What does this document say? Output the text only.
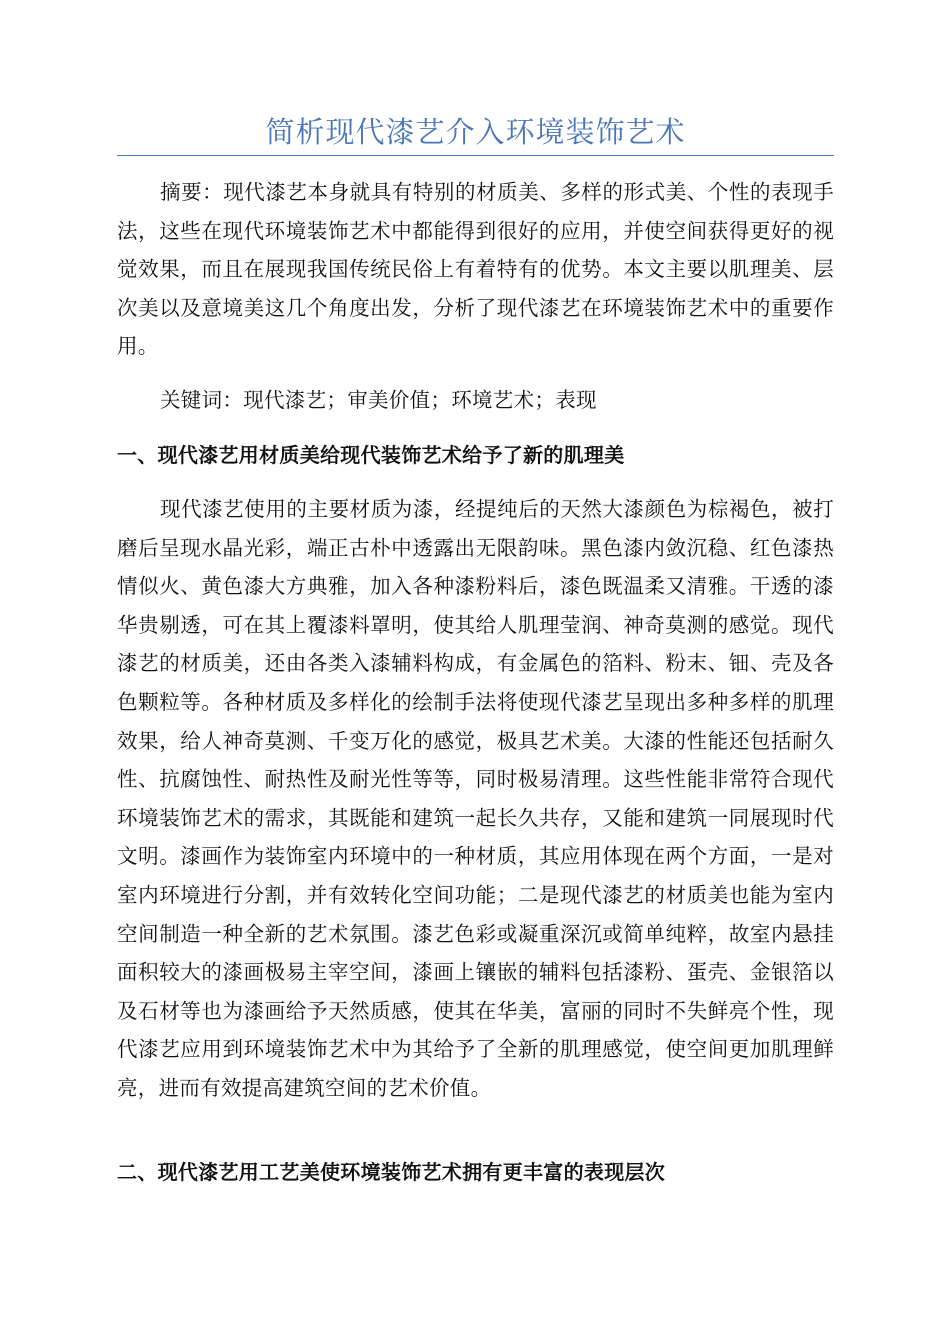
简析现代漆艺介入环境装饰艺术

摘要：现代漆艺本身就具有特别的材质美、多样的形式美、个性的表现手法，这些在现代环境装饰艺术中都能得到很好的应用，并使空间获得更好的视觉效果，而且在展现我国传统民俗上有着特有的优势。本文主要以肌理美、层次美以及意境美这几个角度出发，分析了现代漆艺在环境装饰艺术中的重要作用。

关键词：现代漆艺；审美价值；环境艺术；表现

一、现代漆艺用材质美给现代装饰艺术给予了新的肌理美

现代漆艺使用的主要材质为漆，经提纯后的天然大漆颜色为棕褐色，被打磨后呈现水晶光彩，端正古朴中透露出无限韵味。黑色漆内敛沉稳、红色漆热情似火、黄色漆大方典雅，加入各种漆粉料后，漆色既温柔又清雅。干透的漆华贵剔透，可在其上覆漆料罩明，使其给人肌理莹润、神奇莫测的感觉。现代漆艺的材质美，还由各类入漆辅料构成，有金属色的箔料、粉末、钿、壳及各色颗粒等。各种材质及多样化的绘制手法将使现代漆艺呈现出多种多样的肌理效果，给人神奇莫测、千变万化的感觉，极具艺术美。大漆的性能还包括耐久性、抗腐蚀性、耐热性及耐光性等等，同时极易清理。这些性能非常符合现代环境装饰艺术的需求，其既能和建筑一起长久共存，又能和建筑一同展现时代文明。漆画作为装饰室内环境中的一种材质，其应用体现在两个方面，一是对室内环境进行分割，并有效转化空间功能；二是现代漆艺的材质美也能为室内空间制造一种全新的艺术氛围。漆艺色彩或凝重深沉或简单纯粹，故室内悬挂面积较大的漆画极易主宰空间，漆画上镶嵌的辅料包括漆粉、蛋壳、金银箔以及石材等也为漆画给予天然质感，使其在华美，富丽的同时不失鲜亮个性，现代漆艺应用到环境装饰艺术中为其给予了全新的肌理感觉，使空间更加肌理鲜亮，进而有效提高建筑空间的艺术价值。

二、现代漆艺用工艺美使环境装饰艺术拥有更丰富的表现层次
